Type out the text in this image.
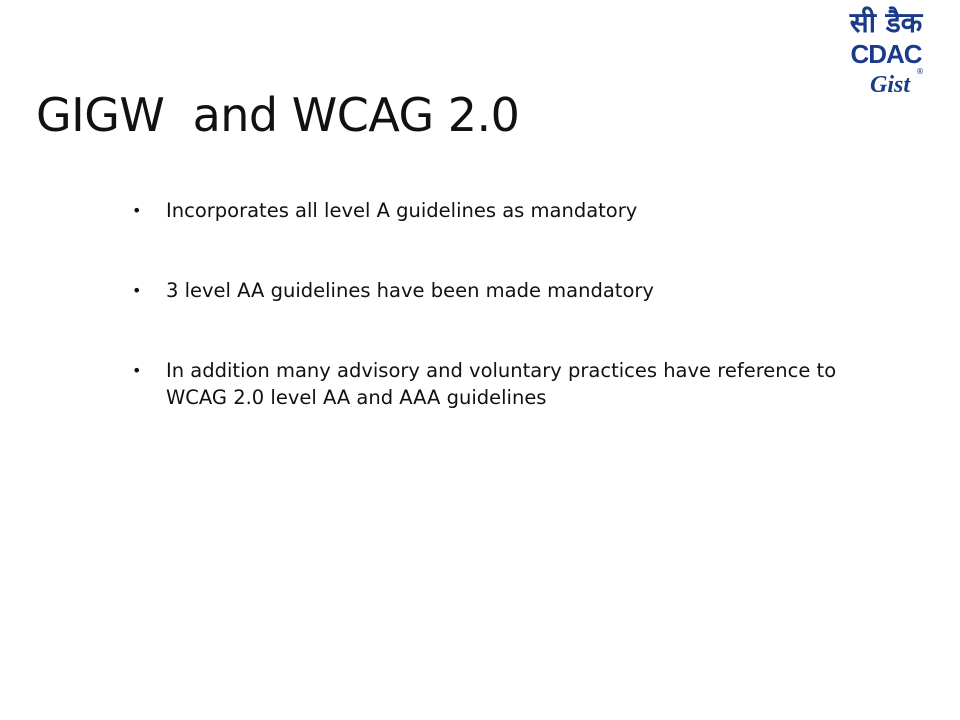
सी डैक
CDAC
Gist
®
GIGW  and WCAG 2.0
• Incorporates all level A guidelines as mandatory
• 3 level AA guidelines have been made mandatory
• In addition many advisory and voluntary practices have reference to WCAG 2.0 level AA and AAA guidelines
